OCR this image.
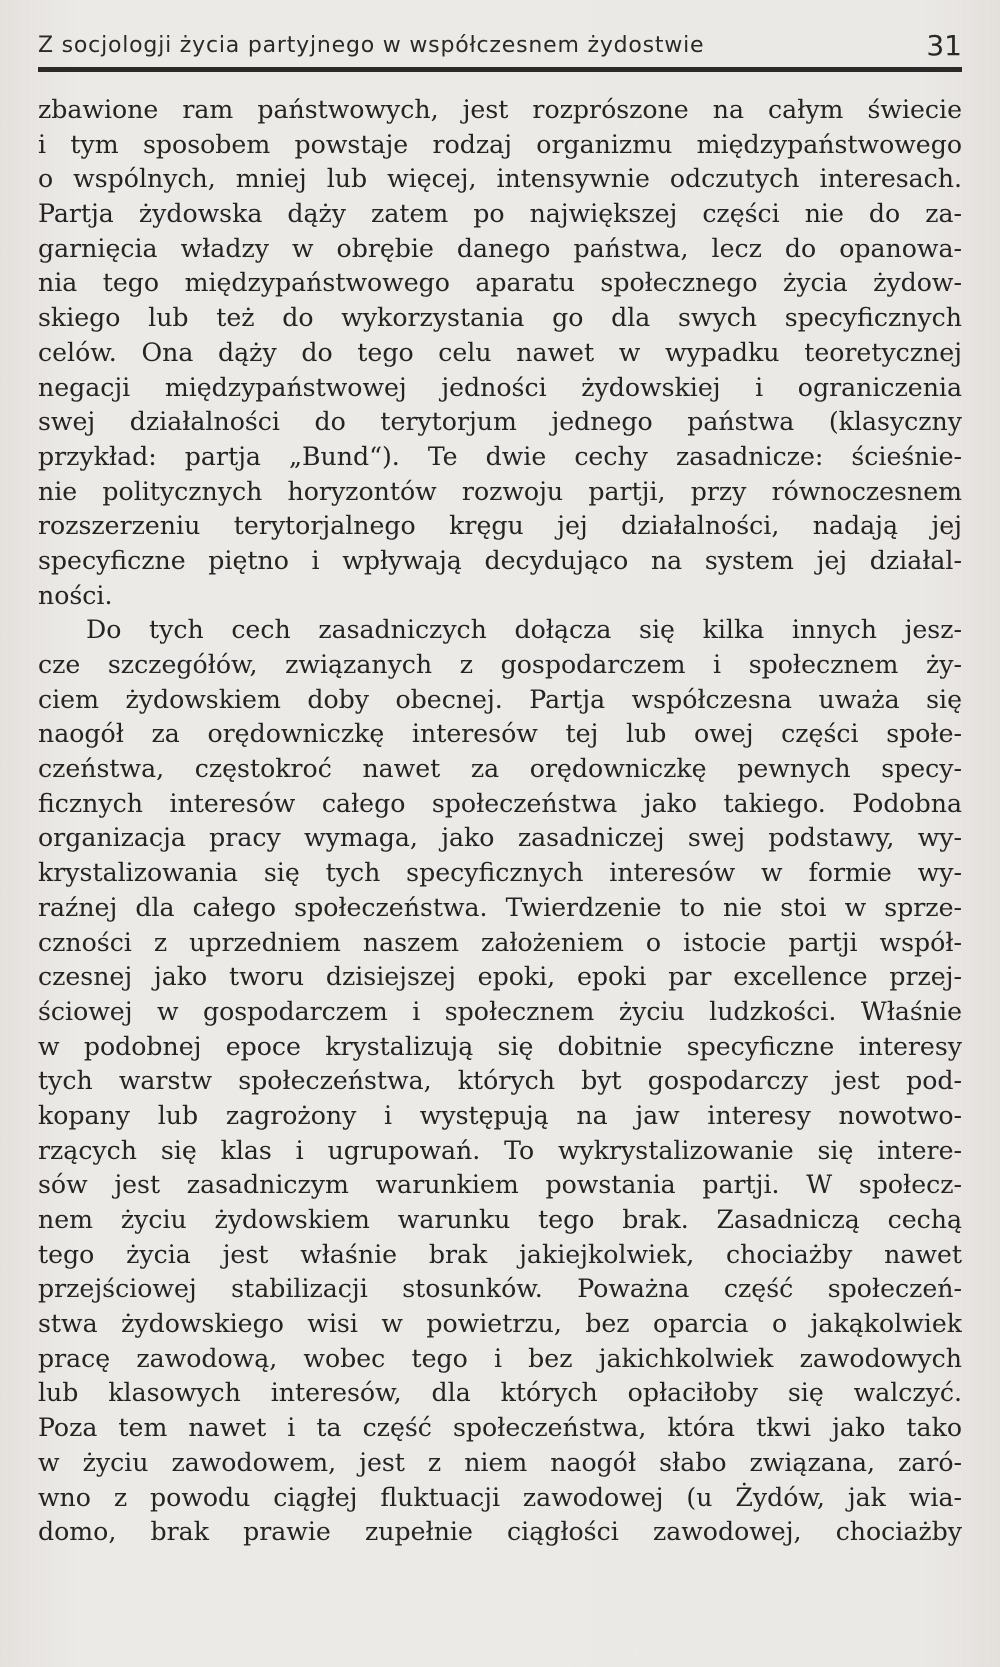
Z socjologji życia partyjnego w współczesnem żydostwie	31
zbawione ram państwowych, jest rozprószone na całym świecie
i tym sposobem powstaje rodzaj organizmu międzypaństwowego
o wspólnych, mniej lub więcej, intensywnie odczutych interesach.
Partja żydowska dąży zatem po największej części nie do za-
garnięcia władzy w obrębie danego państwa, lecz do opanowa-
nia tego międzypaństwowego aparatu społecznego życia żydow-
skiego lub też do wykorzystania go dla swych specyficznych
celów. Ona dąży do tego celu nawet w wypadku teoretycznej
negacji międzypaństwowej jedności żydowskiej i ograniczenia
swej działalności do terytorjum jednego państwa (klasyczny
przykład: partja „Bund“). Te dwie cechy zasadnicze: ścieśnie-
nie politycznych horyzontów rozwoju partji, przy równoczesnem
rozszerzeniu terytorjalnego kręgu jej działalności, nadają jej
specyficzne piętno i wpływają decydująco na system jej działal-
ności.
Do tych cech zasadniczych dołącza się kilka innych jesz-
cze szczegółów, związanych z gospodarczem i społecznem ży-
ciem żydowskiem doby obecnej. Partja współczesna uważa się
naogół za orędowniczkę interesów tej lub owej części społe-
czeństwa, częstokroć nawet za orędowniczkę pewnych specy-
ficznych interesów całego społeczeństwa jako takiego. Podobna
organizacja pracy wymaga, jako zasadniczej swej podstawy, wy-
krystalizowania się tych specyficznych interesów w formie wy-
raźnej dla całego społeczeństwa. Twierdzenie to nie stoi w sprze-
czności z uprzedniem naszem założeniem o istocie partji współ-
czesnej jako tworu dzisiejszej epoki, epoki par excellence przej-
ściowej w gospodarczem i społecznem życiu ludzkości. Właśnie
w podobnej epoce krystalizują się dobitnie specyficzne interesy
tych warstw społeczeństwa, których byt gospodarczy jest pod-
kopany lub zagrożony i występują na jaw interesy nowotwo-
rzących się klas i ugrupowań. To wykrystalizowanie się intere-
sów jest zasadniczym warunkiem powstania partji. W społecz-
nem życiu żydowskiem warunku tego brak. Zasadniczą cechą
tego życia jest właśnie brak jakiejkolwiek, chociażby nawet
przejściowej stabilizacji stosunków. Poważna część społeczeń-
stwa żydowskiego wisi w powietrzu, bez oparcia o jakąkolwiek
pracę zawodową, wobec tego i bez jakichkolwiek zawodowych
lub klasowych interesów, dla których opłaciłoby się walczyć.
Poza tem nawet i ta część społeczeństwa, która tkwi jako tako
w życiu zawodowem, jest z niem naogół słabo związana, zaró-
wno z powodu ciągłej fluktuacji zawodowej (u Żydów, jak wia-
domo, brak prawie zupełnie ciągłości zawodowej, chociażby
